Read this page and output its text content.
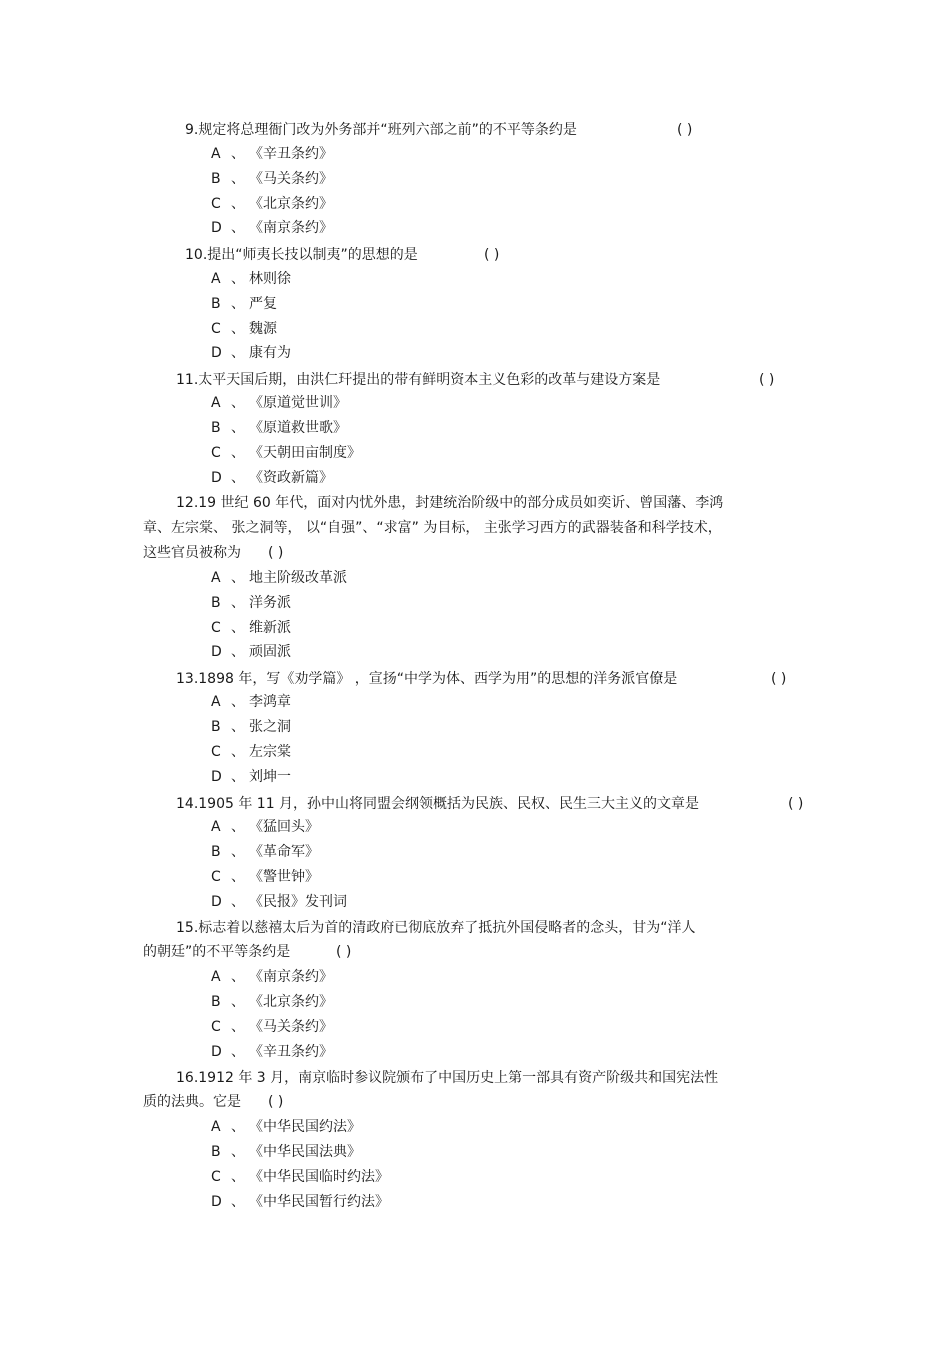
9.规定将总理衙门改为外务部并“班列六部之前”的不平等条约是	( )
A 、 《辛丑条约》
B 、 《马关条约》
C 、 《北京条约》
D 、 《南京条约》
10.提出“师夷长技以制夷”的思想的是	( )
A 、 林则徐
B 、 严复
C 、 魏源
D 、 康有为
11.太平天国后期，由洪仁玕提出的带有鲜明资本主义色彩的改革与建设方案是	( )
A 、 《原道觉世训》
B 、 《原道救世歌》
C 、 《天朝田亩制度》
D 、 《资政新篇》
12.19 世纪 60 年代，面对内忧外患，封建统治阶级中的部分成员如奕䜣、曾国藩、李鸿
章、左宗棠、 张之洞等， 以“自强”、“求富” 为目标， 主张学习西方的武器装备和科学技术，
这些官员被称为 ( )
A 、 地主阶级改革派
B 、 洋务派
C 、 维新派
D 、 顽固派
13.1898 年，写《劝学篇》 ，宣扬“中学为体、西学为用”的思想的洋务派官僚是	( )
A 、 李鸿章
B 、 张之洞
C 、 左宗棠
D 、 刘坤一
14.1905 年 11 月，孙中山将同盟会纲领概括为民族、民权、民生三大主义的文章是	( )
A 、 《猛回头》
B 、 《革命军》
C 、 《警世钟》
D 、 《民报》发刊词
15.标志着以慈禧太后为首的清政府已彻底放弃了抵抗外国侵略者的念头，甘为“洋人
的朝廷”的不平等条约是	( )
A 、 《南京条约》
B 、 《北京条约》
C 、 《马关条约》
D 、 《辛丑条约》
16.1912 年 3 月，南京临时参议院颁布了中国历史上第一部具有资产阶级共和国宪法性
质的法典。它是 ( )
A 、 《中华民国约法》
B 、 《中华民国法典》
C 、 《中华民国临时约法》
D 、 《中华民国暂行约法》
